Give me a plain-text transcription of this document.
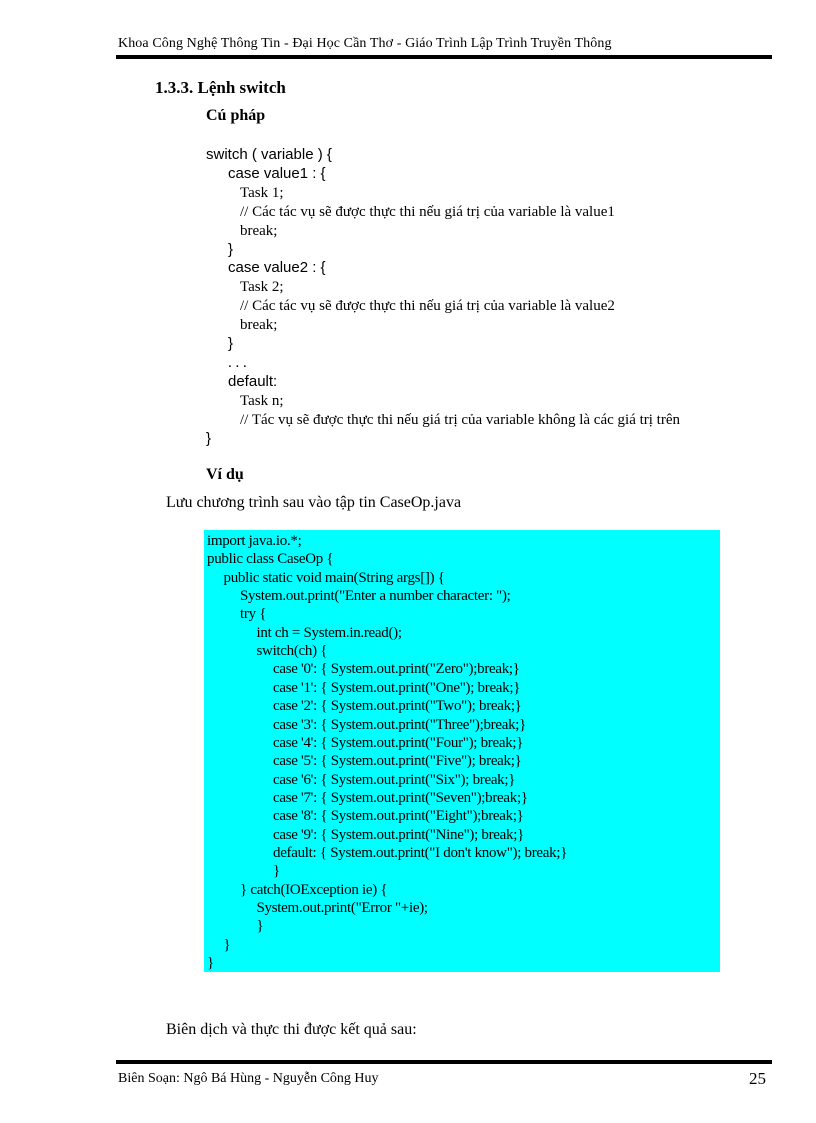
Khoa Công Nghệ Thông Tin - Đại Học Cần Thơ - Giáo Trình Lập Trình Truyền Thông
1.3.3. Lệnh switch
Cú pháp
switch ( variable ) {
case value1 : {
Task 1;
// Các tác vụ sẽ được thực thi nếu giá trị của variable là value1
break;
}
case value2 : {
Task 2;
// Các tác vụ sẽ được thực thi nếu giá trị của variable là value2
break;
}
. . .
default:
Task n;
// Tác vụ sẽ được thực thi nếu giá trị của variable không là các giá trị trên
}
Ví dụ
Lưu chương trình sau vào tập tin CaseOp.java
import java.io.*;
public class CaseOp {
public static void main(String args[]) {
System.out.print("Enter a number character: ");
try {
int ch = System.in.read();
switch(ch) {
case '0': { System.out.print("Zero");break;}
case '1': { System.out.print("One"); break;}
case '2': { System.out.print("Two"); break;}
case '3': { System.out.print("Three");break;}
case '4': { System.out.print("Four"); break;}
case '5': { System.out.print("Five"); break;}
case '6': { System.out.print("Six"); break;}
case '7': { System.out.print("Seven");break;}
case '8': { System.out.print("Eight");break;}
case '9': { System.out.print("Nine"); break;}
default: { System.out.print("I don't know"); break;}
}
} catch(IOException ie) {
System.out.print("Error "+ie);
}
}
}
Biên dịch và thực thi được kết quả sau:
Biên Soạn: Ngô Bá Hùng - Nguyễn Công Huy	25
